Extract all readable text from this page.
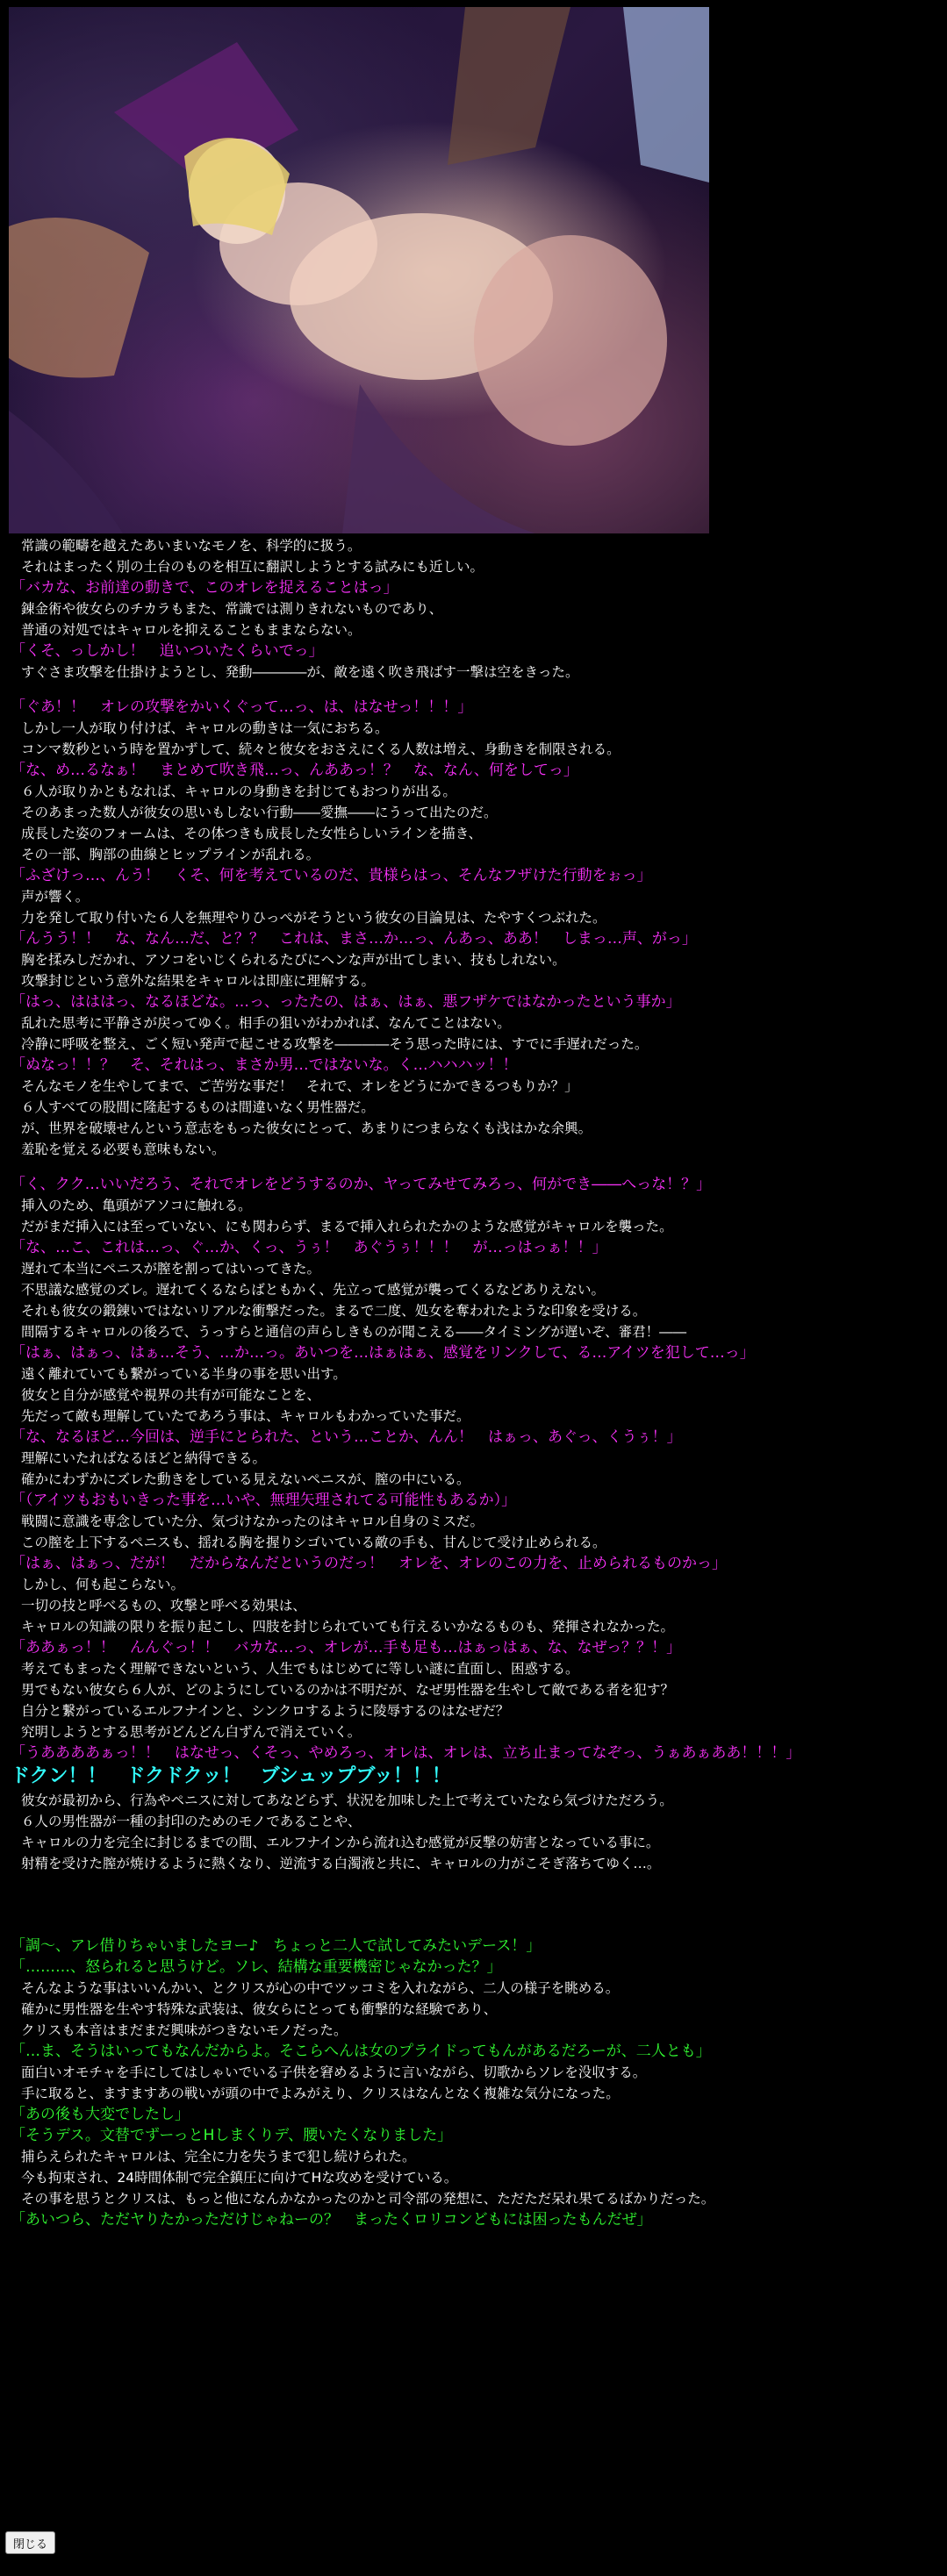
常識の範疇を越えたあいまいなモノを、科学的に扱う。
それはまったく別の土台のものを相互に翻訳しようとする試みにも近しい。
「バカな、お前達の動きで、このオレを捉えることはっ」
錬金術や彼女らのチカラもまた、常識では測りきれないものであり、
普通の対処ではキャロルを抑えることもままならない。
「くそ、っしかし！　追いついたくらいでっ」
すぐさま攻撃を仕掛けようとし、発動――――が、敵を遠く吹き飛ばす一撃は空をきった。
「ぐあ！！　オレの攻撃をかいくぐって…っ、は、はなせっ！！！」
しかし一人が取り付けば、キャロルの動きは一気におちる。
コンマ数秒という時を置かずして、続々と彼女をおさえにくる人数は増え、身動きを制限される。
「な、め…るなぁ！　まとめて吹き飛…っ、んああっ！？　な、なん、何をしてっ」
６人が取りかともなれば、キャロルの身動きを封じてもおつりが出る。
そのあまった数人が彼女の思いもしない行動――愛撫――にうって出たのだ。
成長した姿のフォームは、その体つきも成長した女性らしいラインを描き、
その一部、胸部の曲線とヒップラインが乱れる。
「ふざけっ…、んう！　くそ、何を考えているのだ、貴様らはっ、そんなフザけた行動をぉっ」
声が響く。
力を発して取り付いた６人を無理やりひっぺがそうという彼女の目論見は、たやすくつぶれた。
「んうう！！　な、なん…だ、と？？　これは、まさ…か…っ、んあっ、ああ！　しまっ…声、がっ」
胸を揉みしだかれ、アソコをいじくられるたびにヘンな声が出てしまい、技もしれない。
攻撃封じという意外な結果をキャロルは即座に理解する。
「はっ、はははっ、なるほどな。…っ、ったたの、はぁ、はぁ、悪フザケではなかったという事か」
乱れた思考に平静さが戻ってゆく。相手の狙いがわかれば、なんてことはない。
冷静に呼吸を整え、ごく短い発声で起こせる攻撃を――――そう思った時には、すでに手遅れだった。
「ぬなっ！！？　そ、それはっ、まさか男…ではないな。く…ハハハッ！！
そんなモノを生やしてまで、ご苦労な事だ！　それで、オレをどうにかできるつもりか？」
６人すべての股間に隆起するものは間違いなく男性器だ。
が、世界を破壊せんという意志をもった彼女にとって、あまりにつまらなくも浅はかな余興。
羞恥を覚える必要も意味もない。
「く、クク…いいだろう、それでオレをどうするのか、ヤってみせてみろっ、何ができ――へっな！？」
挿入のため、亀頭がアソコに触れる。
だがまだ挿入には至っていない、にも関わらず、まるで挿入れられたかのような感覚がキャロルを襲った。
「な、…こ、これは…っ、ぐ…か、くっ、うぅ！　あぐうぅ！！！　が…っはっぁ！！」
遅れて本当にペニスが膣を割ってはいってきた。
不思議な感覚のズレ。遅れてくるならばともかく、先立って感覚が襲ってくるなどありえない。
それも彼女の鍛錬いではないリアルな衝撃だった。まるで二度、処女を奪われたような印象を受ける。
間隔するキャロルの後ろで、うっすらと通信の声らしきものが聞こえる――タイミングが遅いぞ、審君！――
「はぁ、はぁっ、はぁ…そう、…か…っ。あいつを…はぁはぁ、感覚をリンクして、る…アイツを犯して…っ」
遠く離れていても繋がっている半身の事を思い出す。
彼女と自分が感覚や視界の共有が可能なことを、
先だって敵も理解していたであろう事は、キャロルもわかっていた事だ。
「な、なるほど…今回は、逆手にとられた、という…ことか、んん！　はぁっ、あぐっ、くうぅ！」
理解にいたればなるほどと納得できる。
確かにわずかにズレた動きをしている見えないペニスが、膣の中にいる。
「（アイツもおもいきった事を…いや、無理矢理されてる可能性もあるか）」
戦闘に意識を専念していた分、気づけなかったのはキャロル自身のミスだ。
この膣を上下するペニスも、揺れる胸を握りシゴいている敵の手も、甘んじて受け止められる。
「はぁ、はぁっ、だが！　だからなんだというのだっ！　オレを、オレのこの力を、止められるものかっ」
しかし、何も起こらない。
一切の技と呼べるもの、攻撃と呼べる効果は、
キャロルの知識の限りを振り起こし、四肢を封じられていても行えるいかなるものも、発揮されなかった。
「ああぁっ！！　んんぐっ！！　バカな…っ、オレが…手も足も…はぁっはぁ、な、なぜっ？？！」
考えてもまったく理解できないという、人生でもはじめてに等しい謎に直面し、困惑する。
男でもない彼女ら６人が、どのようにしているのかは不明だが、なぜ男性器を生やして敵である者を犯す？
自分と繋がっているエルフナインと、シンクロするように陵辱するのはなぜだ？
究明しようとする思考がどんどん白ずんで消えていく。
「うああああぁっ！！　はなせっ、くそっ、やめろっ、オレは、オレは、立ち止まってなぞっ、うぁあぁああ！！！」
ドクン！！　ドクドクッ！　ブシュップブッ！！！
彼女が最初から、行為やペニスに対してあなどらず、状況を加味した上で考えていたなら気づけただろう。
６人の男性器が一種の封印のためのモノであることや、
キャロルの力を完全に封じるまでの間、エルフナインから流れ込む感覚が反撃の妨害となっている事に。
射精を受けた膣が焼けるように熱くなり、逆流する白濁液と共に、キャロルの力がこそぎ落ちてゆく…。
「調～、アレ借りちゃいましたヨー♪　ちょっと二人で試してみたいデース！」
「………、怒られると思うけど。ソレ、結構な重要機密じゃなかった？」
そんなような事はいいんかい、とクリスが心の中でツッコミを入れながら、二人の様子を眺める。
確かに男性器を生やす特殊な武装は、彼女らにとっても衝撃的な経験であり、
クリスも本音はまだまだ興味がつきないモノだった。
「…ま、そうはいってもなんだからよ。そこらへんは女のプライドってもんがあるだろーが、二人とも」
面白いオモチャを手にしてはしゃいでいる子供を窘めるように言いながら、切歌からソレを没収する。
手に取ると、ますますあの戦いが頭の中でよみがえり、クリスはなんとなく複雑な気分になった。
「あの後も大変でしたし」
「そうデス。文替でずーっとHしまくりデ、腰いたくなりました」
捕らえられたキャロルは、完全に力を失うまで犯し続けられた。
今も拘束され、24時間体制で完全鎮圧に向けてHな攻めを受けている。
その事を思うとクリスは、もっと他になんかなかったのかと司令部の発想に、ただただ呆れ果てるばかりだった。
「あいつら、ただヤりたかっただけじゃねーの？　まったくロリコンどもには困ったもんだぜ」
閉じる
